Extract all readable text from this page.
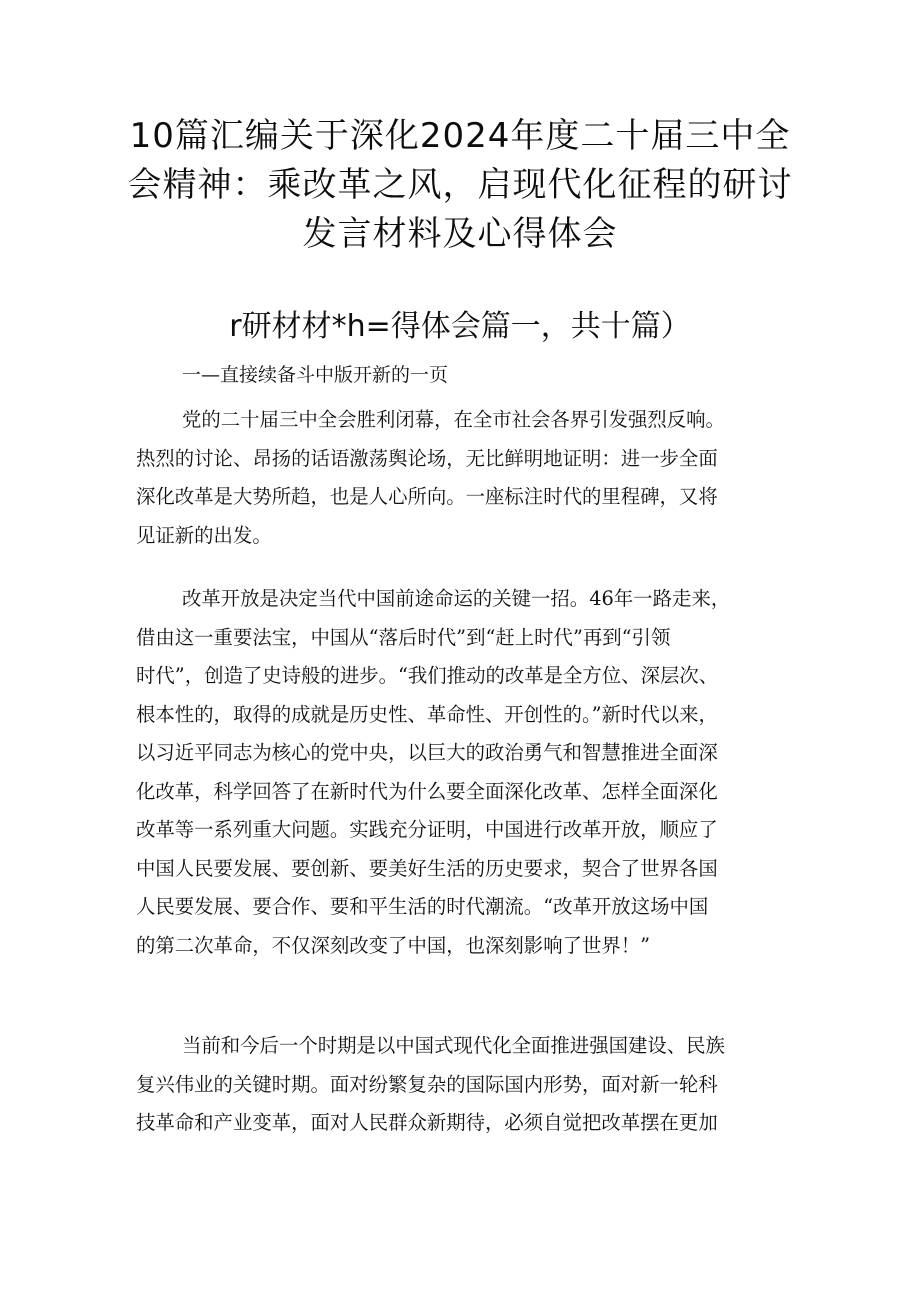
10篇汇编关于深化2024年度二十届三中全
会精神：乘改革之风，启现代化征程的研讨
发言材料及心得体会
r研材材*h=得体会篇一，共十篇）
一—直接续备斗中版开新的一页
党的二十届三中全会胜利闭幕，在全市社会各界引发强烈反响。
热烈的讨论、昂扬的话语激荡舆论场，无比鲜明地证明：进一步全面
深化改革是大势所趋，也是人心所向。一座标注时代的里程碑，又将
见证新的出发。
改革开放是决定当代中国前途命运的关键一招。46年一路走来，
借由这一重要法宝，中国从“落后时代”到“赶上时代”再到“引领
时代”，创造了史诗般的进步。“我们推动的改革是全方位、深层次、
根本性的，取得的成就是历史性、革命性、开创性的。”新时代以来，
以习近平同志为核心的党中央，以巨大的政治勇气和智慧推进全面深
化改革，科学回答了在新时代为什么要全面深化改革、怎样全面深化
改革等一系列重大问题。实践充分证明，中国进行改革开放，顺应了
中国人民要发展、要创新、要美好生活的历史要求，契合了世界各国
人民要发展、要合作、要和平生活的时代潮流。“改革开放这场中国
的第二次革命，不仅深刻改变了中国，也深刻影响了世界！”
当前和今后一个时期是以中国式现代化全面推进强国建设、民族
复兴伟业的关键时期。面对纷繁复杂的国际国内形势，面对新一轮科
技革命和产业变革，面对人民群众新期待，必须自觉把改革摆在更加
